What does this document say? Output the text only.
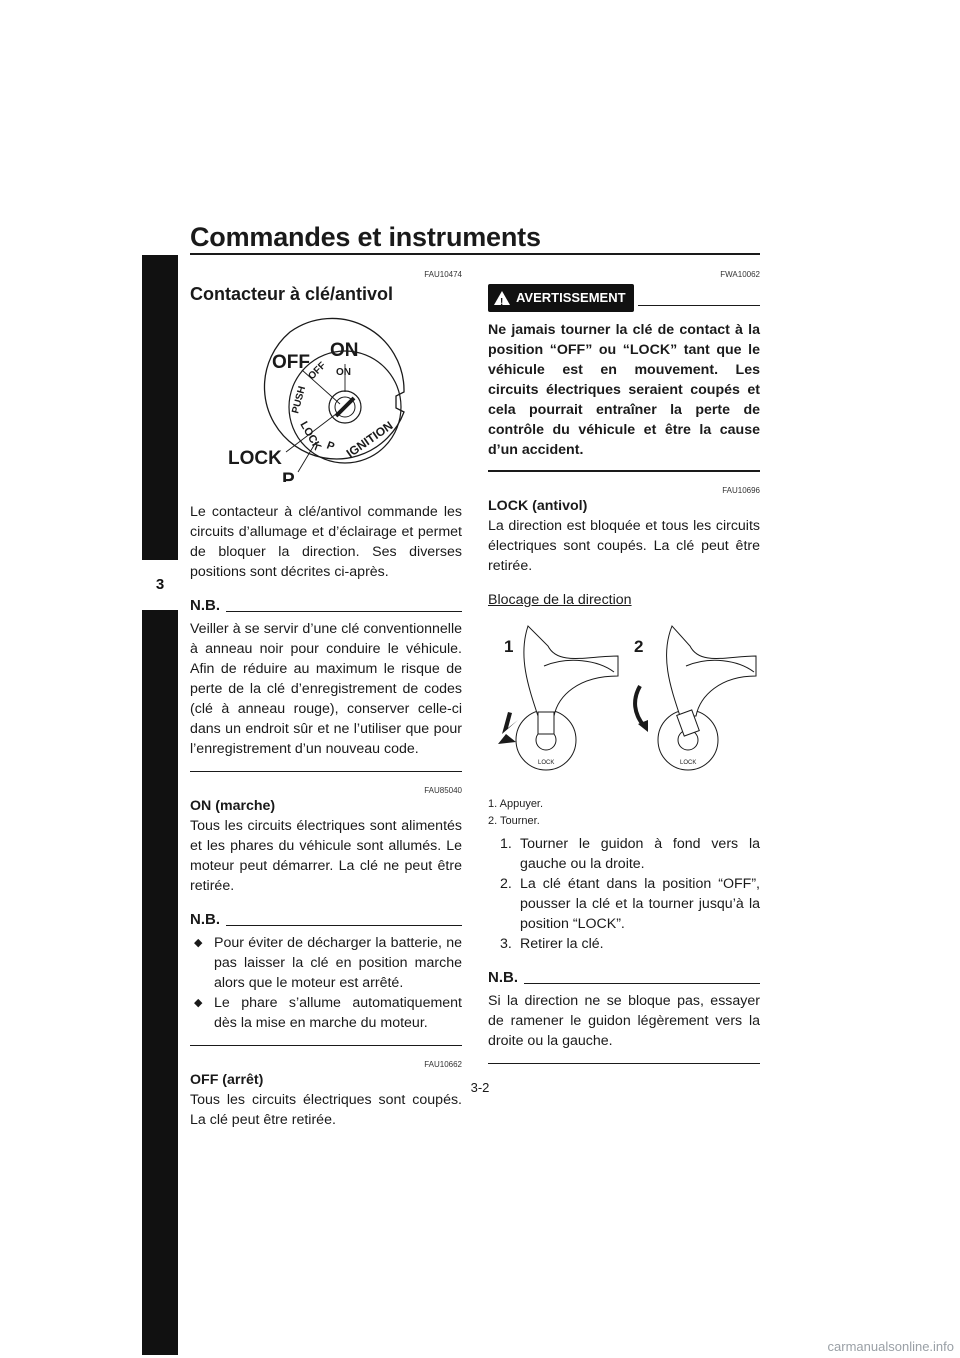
Commandes et instruments
3
FAU10474
Contacteur à clé/antivol
OFF
ON
LOCK
P
PUSH
OFF ON
LOCK P IGNITION

Le contacteur à clé/antivol commande les circuits d’allumage et d’éclairage et permet de bloquer la direction. Ses diverses positions sont décrites ci-après.

N.B.

Veiller à se servir d’une clé conventionnelle à anneau noir pour conduire le véhicule. Afin de réduire au maximum le risque de perte de la clé d’enregistrement de codes (clé à anneau rouge), conserver celle-ci dans un endroit sûr et ne l’utiliser que pour l’enregistrement d’un nouveau code.

FAU85040
ON (marche)

Tous les circuits électriques sont alimentés et les phares du véhicule sont allumés. Le moteur peut démarrer. La clé ne peut être retirée.

N.B.
◆ Pour éviter de décharger la batterie, ne pas laisser la clé en position marche alors que le moteur est arrêté.
◆ Le phare s’allume automatiquement dès la mise en marche du moteur.
FAU10662
OFF (arrêt)

Tous les circuits électriques sont coupés. La clé peut être retirée.

FWA10062
!
AVERTISSEMENT

Ne jamais tourner la clé de contact à la position “OFF” ou “LOCK” tant que le véhicule est en mouvement. Les circuits électriques seraient coupés et cela pourrait entraîner la perte de contrôle du véhicule et être la cause d’un accident.

FAU10696
LOCK (antivol)

La direction est bloquée et tous les circuits électriques sont coupés. La clé peut être retirée.

Blocage de la direction
1	2
LOCK	LOCK
1. Appuyer.
2. Tourner.
1. Tourner le guidon à fond vers la gauche ou la droite.
2. La clé étant dans la position “OFF”, pousser la clé et la tourner jusqu’à la position “LOCK”.
3. Retirer la clé.
N.B.

Si la direction ne se bloque pas, essayer de ramener le guidon légèrement vers la droite ou la gauche.

3-2
carmanualsonline.info
